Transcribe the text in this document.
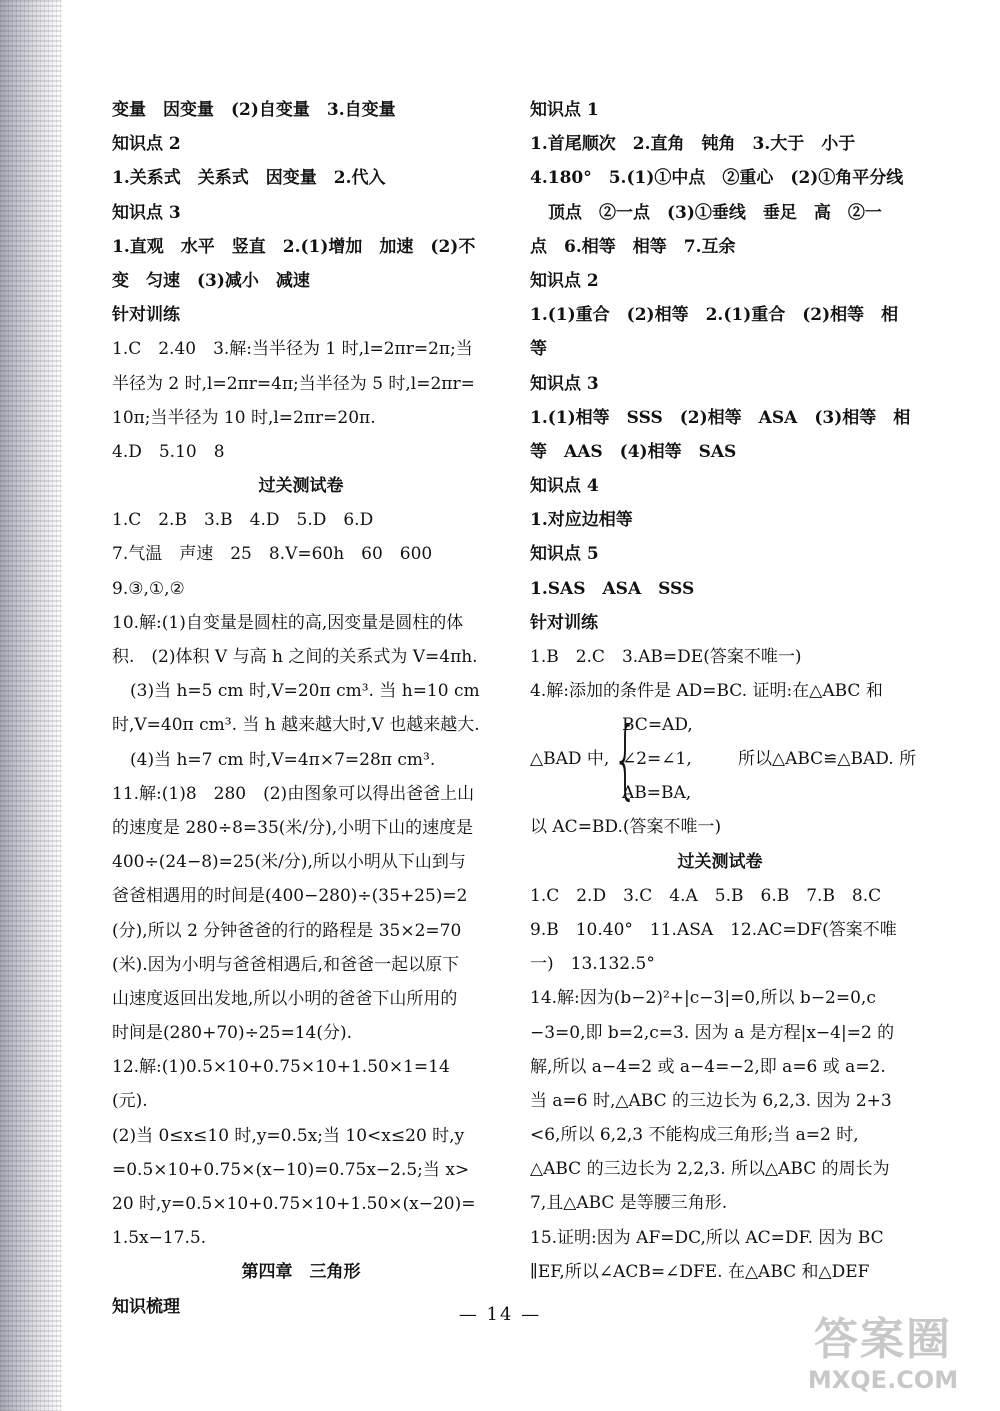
变量　因变量　(2)自变量　3.自变量
知识点 2
1.关系式　关系式　因变量　2.代入
知识点 3
1.直观　水平　竖直　2.(1)增加　加速　(2)不
变　匀速　(3)减小　减速
针对训练
1.C　2.40　3.解:当半径为 1 时,l=2πr=2π;当
半径为 2 时,l=2πr=4π;当半径为 5 时,l=2πr=
10π;当半径为 10 时,l=2πr=20π.
4.D　5.10　8
过关测试卷
1.C　2.B　3.B　4.D　5.D　6.D
7.气温　声速　25　8.V=60h　60　600
9.③,①,②
10.解:(1)自变量是圆柱的高,因变量是圆柱的体
积.　(2)体积 V 与高 h 之间的关系式为 V=4πh.
(3)当 h=5 cm 时,V=20π cm³. 当 h=10 cm
时,V=40π cm³. 当 h 越来越大时,V 也越来越大.
(4)当 h=7 cm 时,V=4π×7=28π cm³.
11.解:(1)8　280　(2)由图象可以得出爸爸上山
的速度是 280÷8=35(米/分),小明下山的速度是
400÷(24−8)=25(米/分),所以小明从下山到与
爸爸相遇用的时间是(400−280)÷(35+25)=2
(分),所以 2 分钟爸爸的行的路程是 35×2=70
(米).因为小明与爸爸相遇后,和爸爸一起以原下
山速度返回出发地,所以小明的爸爸下山所用的
时间是(280+70)÷25=14(分).
12.解:(1)0.5×10+0.75×10+1.50×1=14
(元).
(2)当 0≤x≤10 时,y=0.5x;当 10<x≤20 时,y
=0.5×10+0.75×(x−10)=0.75x−2.5;当 x>
20 时,y=0.5×10+0.75×10+1.50×(x−20)=
1.5x−17.5.
第四章　三角形
知识梳理
知识点 1
1.首尾顺次　2.直角　钝角　3.大于　小于
4.180°　5.(1)①中点　②重心　(2)①角平分线
顶点　②一点　(3)①垂线　垂足　高　②一
点　6.相等　相等　7.互余
知识点 2
1.(1)重合　(2)相等　2.(1)重合　(2)相等　相
等
知识点 3
1.(1)相等　SSS　(2)相等　ASA　(3)相等　相
等　AAS　(4)相等　SAS
知识点 4
1.对应边相等
知识点 5
1.SAS　ASA　SSS
针对训练
1.B　2.C　3.AB=DE(答案不唯一)
4.解:添加的条件是 AD=BC. 证明:在△ABC 和
△BAD 中, {
BC=AD,
∠2=∠1,
AB=BA,
所以△ABC≌△BAD. 所
以 AC=BD.(答案不唯一)
过关测试卷
1.C　2.D　3.C　4.A　5.B　6.B　7.B　8.C
9.B　10.40°　11.ASA　12.AC=DF(答案不唯
一)　13.132.5°
14.解:因为(b−2)²+|c−3|=0,所以 b−2=0,c
−3=0,即 b=2,c=3. 因为 a 是方程|x−4|=2 的
解,所以 a−4=2 或 a−4=−2,即 a=6 或 a=2.
当 a=6 时,△ABC 的三边长为 6,2,3. 因为 2+3
<6,所以 6,2,3 不能构成三角形;当 a=2 时,
△ABC 的三边长为 2,2,3. 所以△ABC 的周长为
7,且△ABC 是等腰三角形.
15.证明:因为 AF=DC,所以 AC=DF. 因为 BC
∥EF,所以∠ACB=∠DFE. 在△ABC 和△DEF
— 14 —	答案圈
MXQE.COM
